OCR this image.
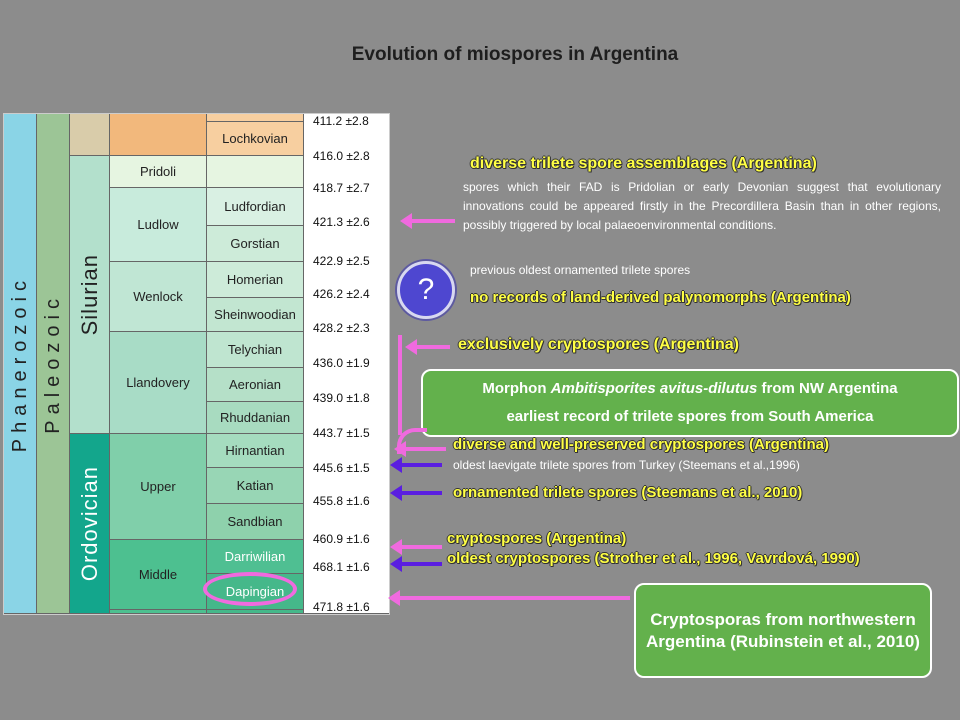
Evolution of miospores in Argentina
Phanerozoic Paleozoic Silurian
Ordovician
Pridoli
Ludlow
Wenlock
Llandovery
Upper
Middle
Lochkovian
Ludfordian
Gorstian
Homerian
Sheinwoodian
Telychian
Aeronian
Rhuddanian
Hirnantian
Katian
Sandbian
Darriwilian
Dapingian
411.2 ±2.8
416.0 ±2.8
418.7 ±2.7
421.3 ±2.6
422.9 ±2.5
426.2 ±2.4
428.2 ±2.3
436.0 ±1.9
439.0 ±1.8
443.7 ±1.5
445.6 ±1.5
455.8 ±1.6
460.9 ±1.6
468.1 ±1.6
471.8 ±1.6
diverse trilete spore assemblages (Argentina)
spores which their FAD is Pridolian or early Devonian suggest that evolutionary innovations could be appeared firstly in the Precordillera Basin than in other regions, possibly triggered by local palaeoenvironmental conditions.
?
previous oldest ornamented trilete spores
no records of land-derived palynomorphs (Argentina)
exclusively cryptospores (Argentina)
Morphon Ambitisporites avitus-dilutus from NW Argentina
earliest record of trilete spores from South America
diverse and well-preserved cryptospores (Argentina)
oldest laevigate trilete spores from Turkey (Steemans et al.,1996)
ornamented trilete spores (Steemans et al., 2010)
cryptospores (Argentina)
oldest cryptospores (Strother et al., 1996, Vavrdová, 1990)
Cryptosporas from northwestern Argentina (Rubinstein et al., 2010)
